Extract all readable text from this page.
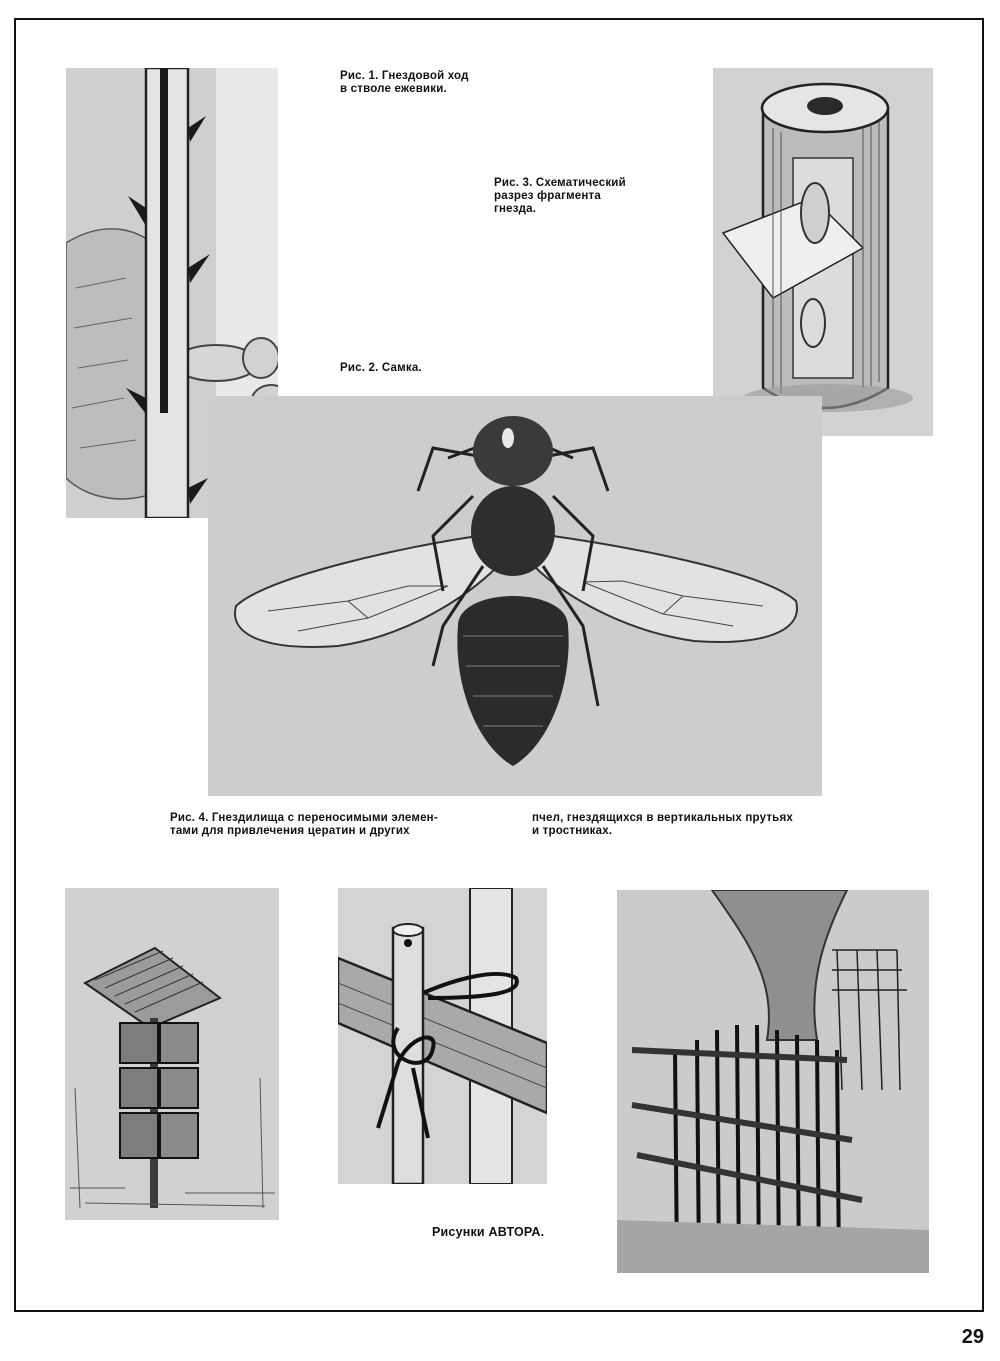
Рис. 1. Гнездовой ход
в стволе ежевики.
Рис. 3. Схематический
разрез фрагмента
гнезда.
Рис. 2. Самка.
Рис. 4. Гнездилища с переносимыми элемен-
тами для привлечения цератин и других
пчел, гнездящихся в вертикальных прутьях
и тростниках.
Рисунки АВТОРА.
29
